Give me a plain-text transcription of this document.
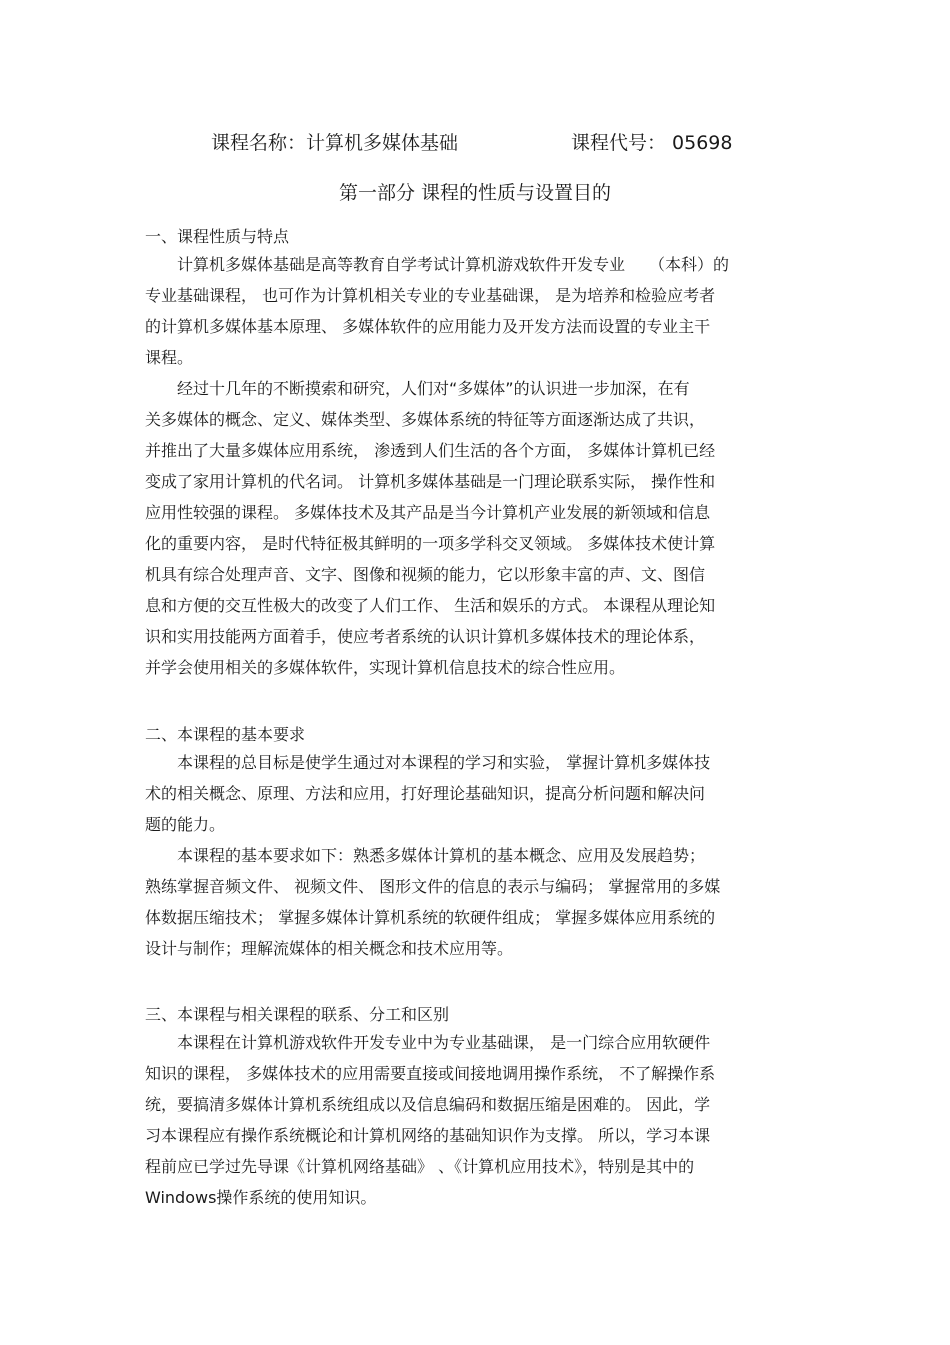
课程名称：计算机多媒体基础	课程代号： 05698
第一部分 课程的性质与设置目的
一、课程性质与特点
　　计算机多媒体基础是高等教育自学考试计算机游戏软件开发专业　　（本科）的
专业基础课程， 也可作为计算机相关专业的专业基础课， 是为培养和检验应考者
的计算机多媒体基本原理、 多媒体软件的应用能力及开发方法而设置的专业主干
课程。
　　经过十几年的不断摸索和研究，人们对“多媒体”的认识进一步加深，在有
关多媒体的概念、定义、媒体类型、多媒体系统的特征等方面逐渐达成了共识，
并推出了大量多媒体应用系统， 渗透到人们生活的各个方面， 多媒体计算机已经
变成了家用计算机的代名词。 计算机多媒体基础是一门理论联系实际， 操作性和
应用性较强的课程。 多媒体技术及其产品是当今计算机产业发展的新领域和信息
化的重要内容， 是时代特征极其鲜明的一项多学科交叉领域。 多媒体技术使计算
机具有综合处理声音、文字、图像和视频的能力，它以形象丰富的声、文、图信
息和方便的交互性极大的改变了人们工作、 生活和娱乐的方式。 本课程从理论知
识和实用技能两方面着手，使应考者系统的认识计算机多媒体技术的理论体系，
并学会使用相关的多媒体软件，实现计算机信息技术的综合性应用。
二、本课程的基本要求
　　本课程的总目标是使学生通过对本课程的学习和实验， 掌握计算机多媒体技
术的相关概念、原理、方法和应用，打好理论基础知识，提高分析问题和解决问
题的能力。
　　本课程的基本要求如下：熟悉多媒体计算机的基本概念、应用及发展趋势；
熟练掌握音频文件、 视频文件、 图形文件的信息的表示与编码； 掌握常用的多媒
体数据压缩技术； 掌握多媒体计算机系统的软硬件组成； 掌握多媒体应用系统的
设计与制作；理解流媒体的相关概念和技术应用等。
三、本课程与相关课程的联系、分工和区别
　　本课程在计算机游戏软件开发专业中为专业基础课， 是一门综合应用软硬件
知识的课程， 多媒体技术的应用需要直接或间接地调用操作系统， 不了解操作系
统，要搞清多媒体计算机系统组成以及信息编码和数据压缩是困难的。 因此，学
习本课程应有操作系统概论和计算机网络的基础知识作为支撑。 所以，学习本课
程前应已学过先导课《计算机网络基础》 、《计算机应用技术》，特别是其中的
Windows操作系统的使用知识。
